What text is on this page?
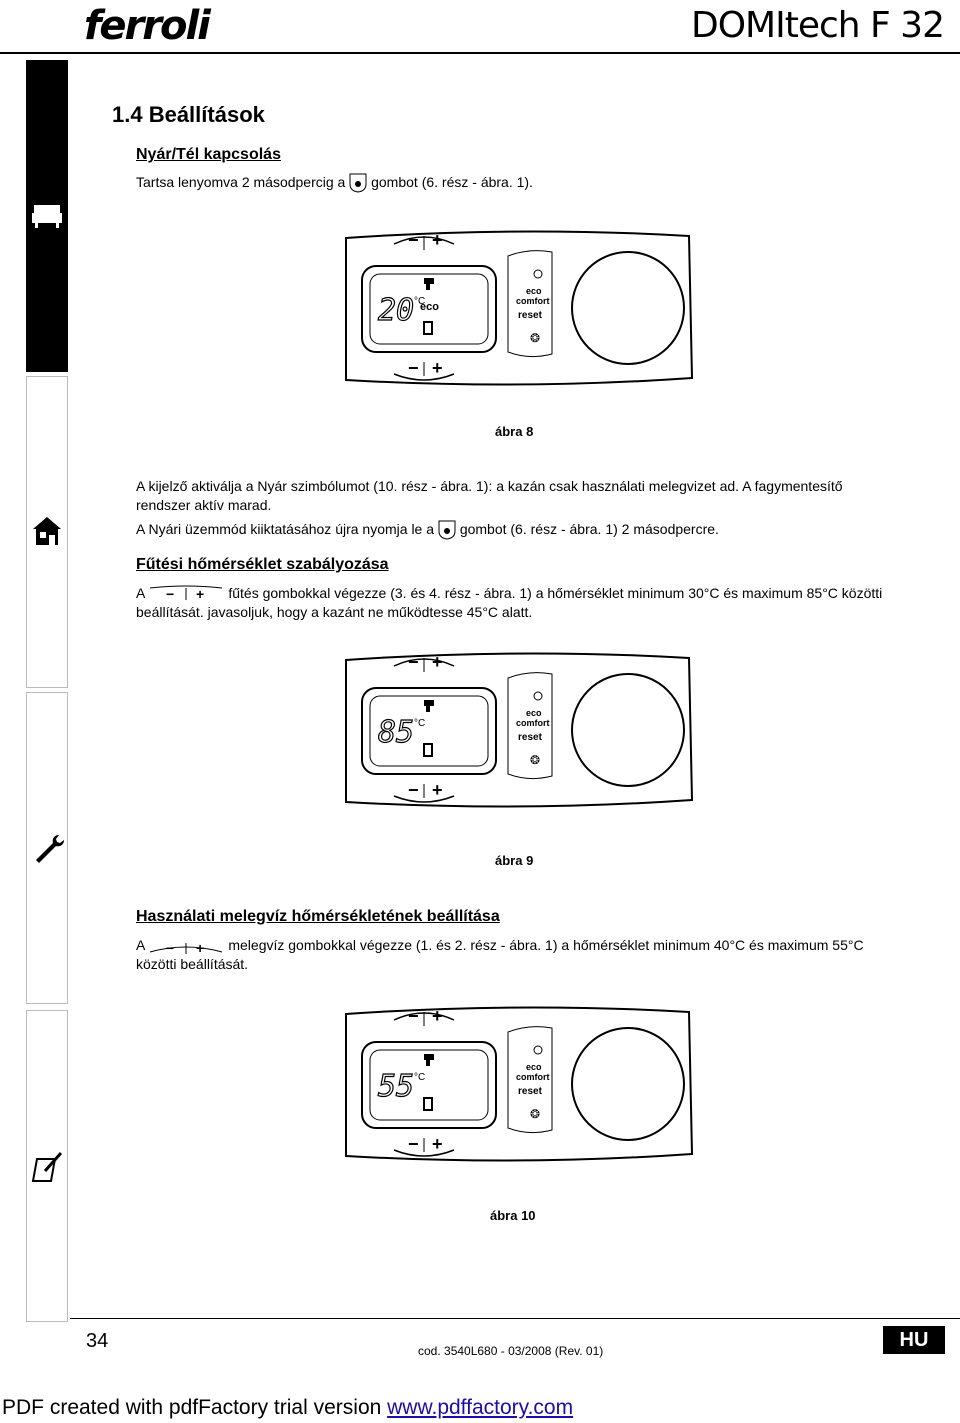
ferroli	DOMItech F 32
1.4 Beállítások
Nyár/Tél kapcsolás
Tartsa lenyomva 2 másodpercig a gombot (6. rész - ábra. 1).
− +
− +
20 °C
eco
eco
comfort
reset
❂
ábra 8
A kijelző aktiválja a Nyár szimbólumot (10. rész - ábra. 1): a kazán csak használati melegvizet ad. A fagymentesítő
rendszer aktív marad.
A Nyári üzemmód kiiktatásához újra nyomja le a gombot (6. rész - ábra. 1) 2 másodpercre.
Fűtési hőmérséklet szabályozása
A − + fűtés gombokkal végezze (3. és 4. rész - ábra. 1) a hőmérséklet minimum 30°C és maximum 85°C közötti
beállítását. javasoljuk, hogy a kazánt ne működtesse 45°C alatt.
− +
− +
85 °C
eco
comfort
reset
❂
ábra 9
Használati melegvíz hőmérsékletének beállítása
A − + melegvíz gombokkal végezze (1. és 2. rész - ábra. 1) a hőmérséklet minimum 40°C és maximum 55°C
közötti beállítását.
− +
− +
55 °C
eco
comfort
reset
❂
ábra 10
34	cod. 3540L680 - 03/2008 (Rev. 01)	HU
PDF created with pdfFactory trial version www.pdffactory.com
